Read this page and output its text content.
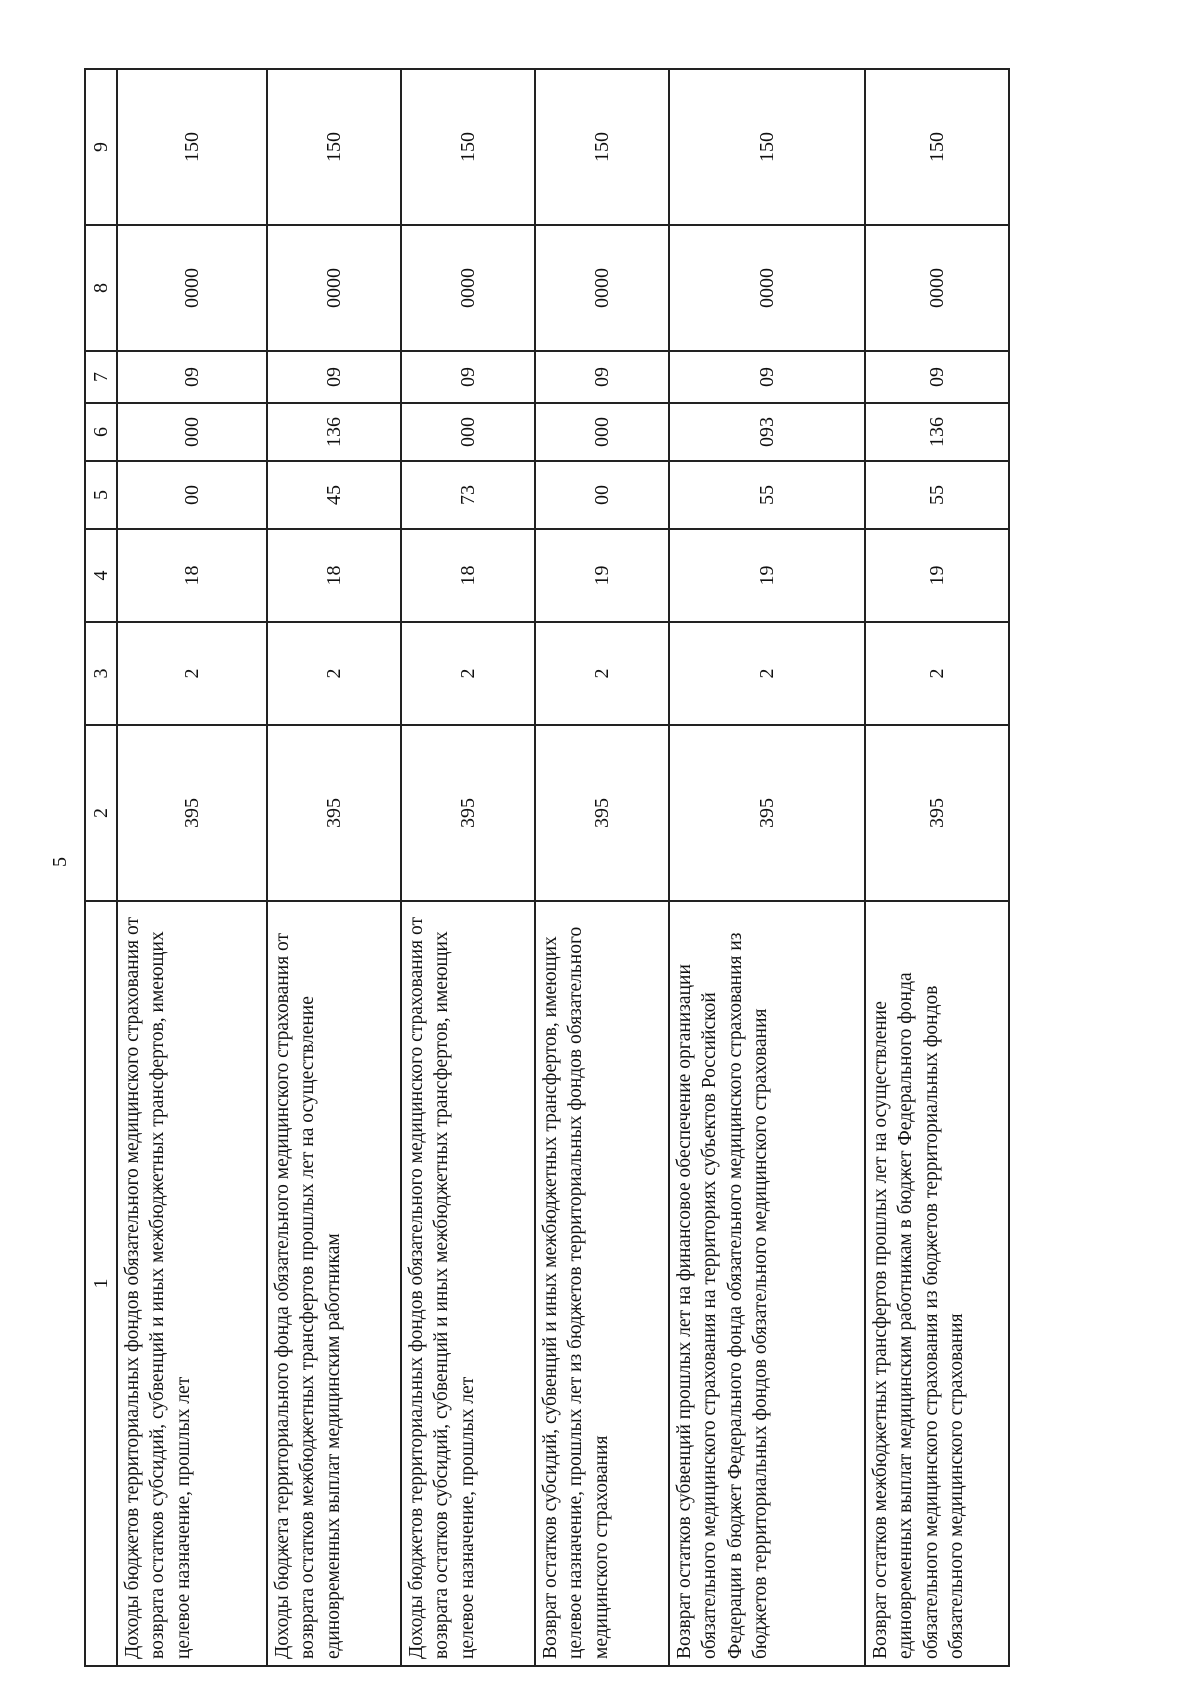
5
1	2	3	4	5	6	7	8	9
Доходы бюджетов территориальных фондов обязательного медицинского страхования от возврата остатков субсидий, субвенций и иных межбюджетных трансфертов, имеющих целевое назначение, прошлых лет	395	2	18	00	000	09	0000	150
Доходы бюджета территориального фонда обязательного медицинского страхования от возврата остатков межбюджетных трансфертов прошлых лет на осуществление единовременных выплат медицинским работникам	395	2	18	45	136	09	0000	150
Доходы бюджетов территориальных фондов обязательного медицинского страхования от возврата остатков субсидий, субвенций и иных межбюджетных трансфертов, имеющих целевое назначение, прошлых лет	395	2	18	73	000	09	0000	150
Возврат остатков субсидий, субвенций и иных межбюджетных трансфертов, имеющих целевое назначение, прошлых лет из бюджетов территориальных фондов обязательного медицинского страхования	395	2	19	00	000	09	0000	150
Возврат остатков субвенций прошлых лет на финансовое обеспечение организации обязательного медицинского страхования на территориях субъектов Российской Федерации в бюджет Федерального фонда обязательного медицинского страхования из бюджетов территориальных фондов обязательного медицинского страхования	395	2	19	55	093	09	0000	150
Возврат остатков межбюджетных трансфертов прошлых лет на осуществление единовременных выплат медицинским работникам в бюджет Федерального фонда обязательного медицинского страхования из бюджетов территориальных фондов обязательного медицинского страхования	395	2	19	55	136	09	0000	150
